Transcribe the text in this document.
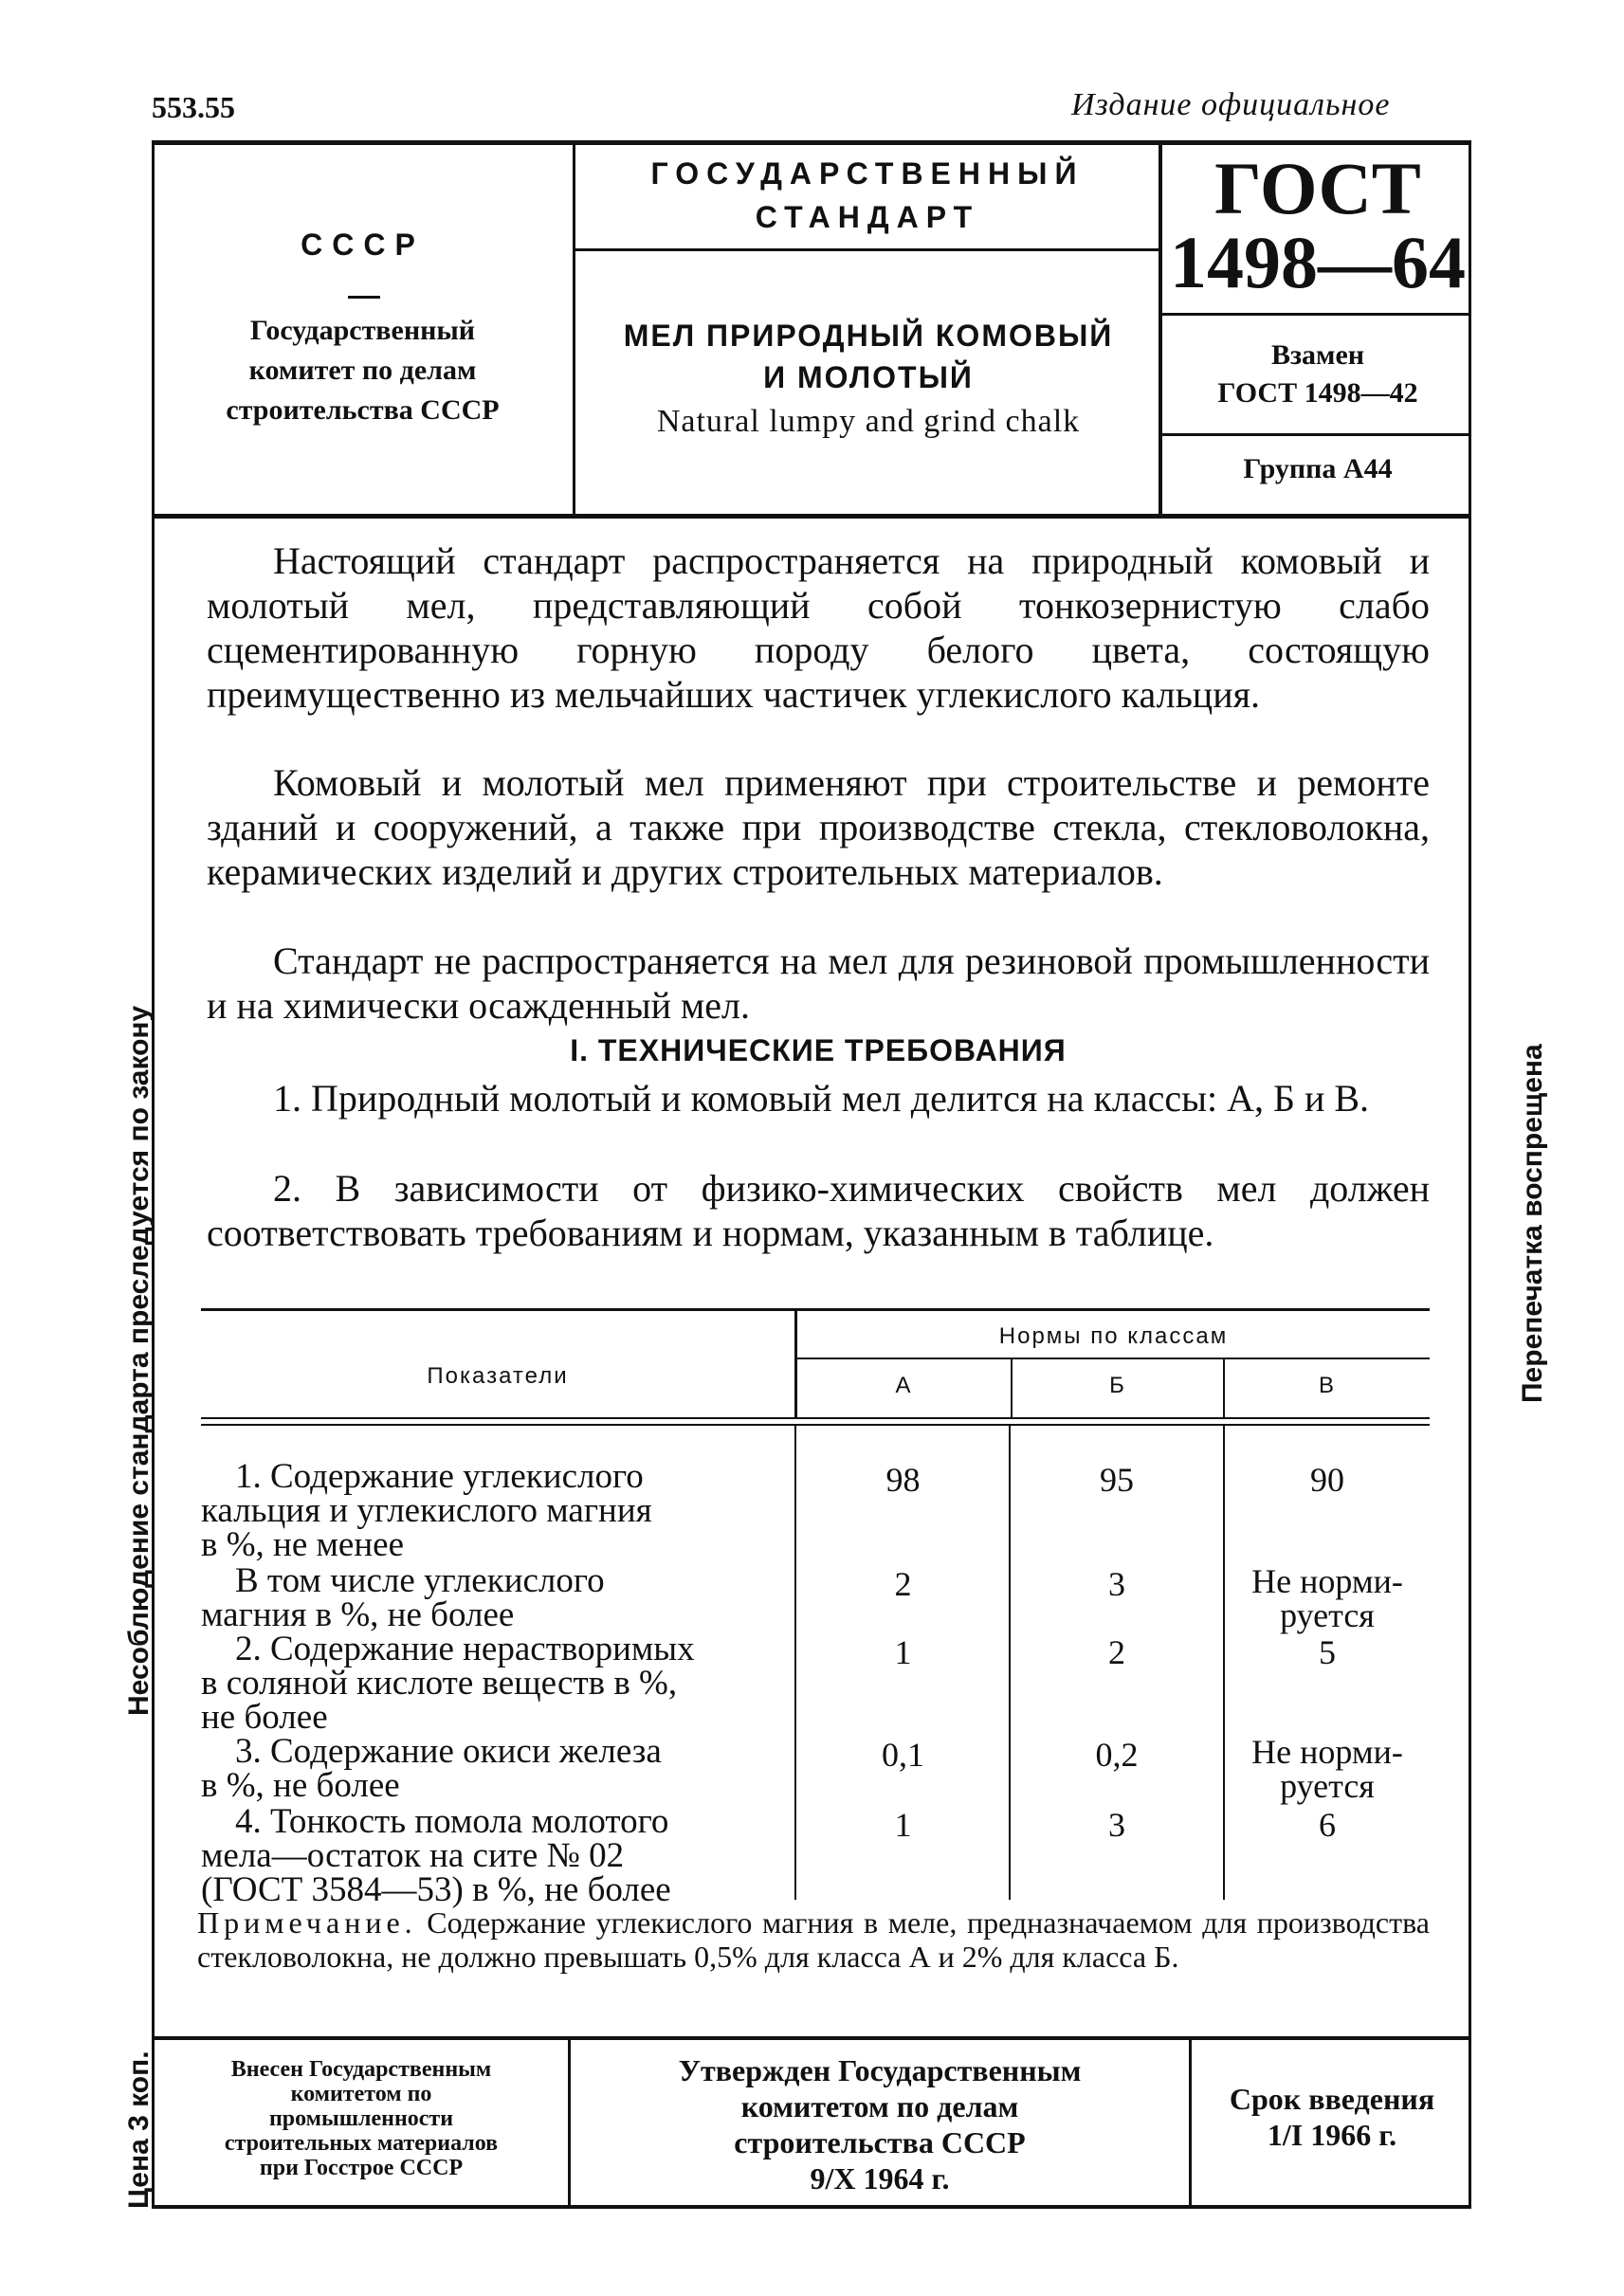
553.55	Издание официальное
СССР
Государственный
комитет по делам
строительства СССР
ГОСУДАРСТВЕННЫЙ
СТАНДАРТ
МЕЛ ПРИРОДНЫЙ КОМОВЫЙ
И МОЛОТЫЙ
Natural lumpy and grind chalk
ГОСТ
1498—64
Взамен
ГОСТ 1498—42
Группа А44
Настоящий стандарт распространяется на природный комовый и молотый мел, представляющий собой тонкозернистую слабо сцементированную горную породу белого цвета, состоящую преимущественно из мельчайших частичек углекислого кальция.
Комовый и молотый мел применяют при строительстве и ремонте зданий и сооружений, а также при производстве стекла, стекловолокна, керамических изделий и других строительных материалов.
Стандарт не распространяется на мел для резиновой промышленности и на химически осажденный мел.
I. ТЕХНИЧЕСКИЕ ТРЕБОВАНИЯ
1. Природный молотый и комовый мел делится на классы: А, Б и В.
2. В зависимости от физико-химических свойств мел должен соответствовать требованиям и нормам, указанным в таблице.
Показатели
Нормы по классам
А	Б	В
1. Содержание углекислого
кальция и углекислого магния
в %, не менее
98	95	90
В том числе углекислого
магния в %, не более
2	3	Не норми-руется
2. Содержание нерастворимых
в соляной кислоте веществ в %,
не более
1	2	5
3. Содержание окиси железа
в %, не более
0,1	0,2	Не норми-руется
4. Тонкость помола молотого
мела—остаток на сите № 02
(ГОСТ 3584—53) в %, не более
1	3	6
Примечание. Содержание углекислого магния в меле, предназначаемом для производства стекловолокна, не должно превышать 0,5% для класса А и 2% для класса Б.
Внесен Государственным
комитетом по
промышленности
строительных материалов
при Госстрое СССР
Утвержден Государственным
комитетом по делам
строительства СССР
9/X 1964 г.
Срок введения
1/I 1966 г.
Несоблюдение стандарта преследуется по закону
Цена 3 коп.
Перепечатка воспрещена
